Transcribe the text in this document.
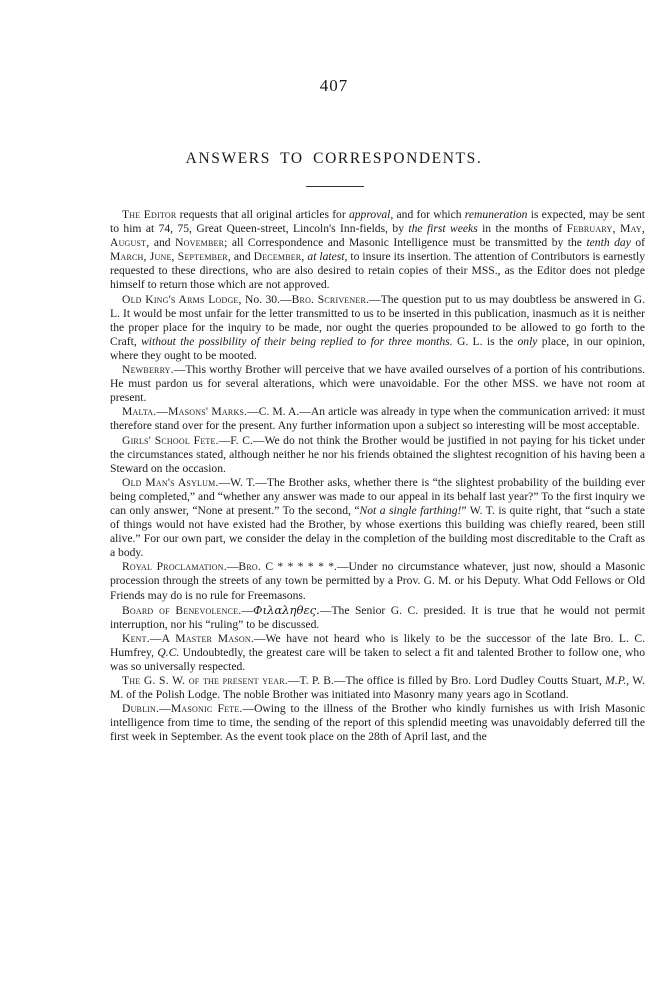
407
ANSWERS TO CORRESPONDENTS.

The Editor requests that all original articles for approval, and for which remuneration is expected, may be sent to him at 74, 75, Great Queen-street, Lincoln's Inn-fields, by the first weeks in the months of February, May, August, and November; all Correspondence and Masonic Intelligence must be transmitted by the tenth day of March, June, September, and December, at latest, to insure its insertion. The attention of Contributors is earnestly requested to these directions, who are also desired to retain copies of their MSS., as the Editor does not pledge himself to return those which are not approved.

Old King's Arms Lodge, No. 30.—Bro. Scrivener.—The question put to us may doubtless be answered in G. L. It would be most unfair for the letter transmitted to us to be inserted in this publication, inasmuch as it is neither the proper place for the inquiry to be made, nor ought the queries propounded to be allowed to go forth to the Craft, without the possibility of their being replied to for three months. G. L. is the only place, in our opinion, where they ought to be mooted.

Newberry.—This worthy Brother will perceive that we have availed ourselves of a portion of his contributions. He must pardon us for several alterations, which were unavoidable. For the other MSS. we have not room at present.

Malta.—Masons' Marks.—C. M. A.—An article was already in type when the communication arrived: it must therefore stand over for the present. Any further information upon a subject so interesting will be most acceptable.

Girls' School Fete.—F. C.—We do not think the Brother would be justified in not paying for his ticket under the circumstances stated, although neither he nor his friends obtained the slightest recognition of his having been a Steward on the occasion.

Old Man's Asylum.—W. T.—The Brother asks, whether there is “the slightest probability of the building ever being completed,” and “whether any answer was made to our appeal in its behalf last year?” To the first inquiry we can only answer, “None at present.” To the second, “Not a single farthing!” W. T. is quite right, that “such a state of things would not have existed had the Brother, by whose exertions this building was chiefly reared, been still alive.” For our own part, we consider the delay in the completion of the building most discreditable to the Craft as a body.

Royal Proclamation.—Bro. C * * * * * *.—Under no circumstance whatever, just now, should a Masonic procession through the streets of any town be permitted by a Prov. G. M. or his Deputy. What Odd Fellows or Old Friends may do is no rule for Freemasons.

Board of Benevolence.—Φιλαληθες.—The Senior G. C. presided. It is true that he would not permit interruption, nor his “ruling” to be discussed.

Kent.—A Master Mason.—We have not heard who is likely to be the successor of the late Bro. L. C. Humfrey, Q.C. Undoubtedly, the greatest care will be taken to select a fit and talented Brother to follow one, who was so universally respected.

The G. S. W. of the present year.—T. P. B.—The office is filled by Bro. Lord Dudley Coutts Stuart, M.P., W. M. of the Polish Lodge. The noble Brother was initiated into Masonry many years ago in Scotland.

Dublin.—Masonic Fete.—Owing to the illness of the Brother who kindly furnishes us with Irish Masonic intelligence from time to time, the sending of the report of this splendid meeting was unavoidably deferred till the first week in September. As the event took place on the 28th of April last, and the
